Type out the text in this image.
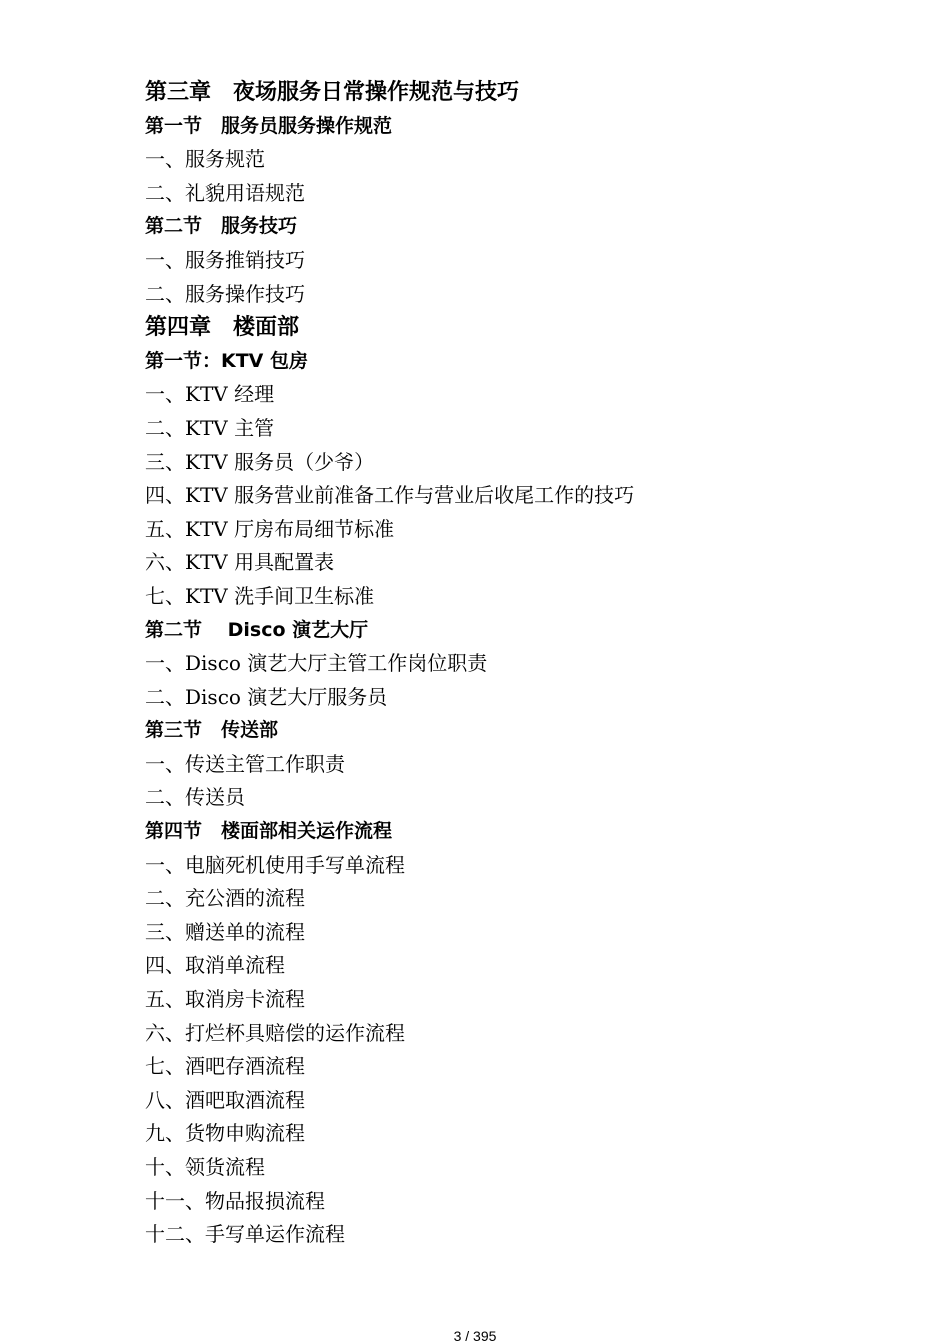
第三章　夜场服务日常操作规范与技巧
第一节　服务员服务操作规范
一、服务规范
二、礼貌用语规范
第二节　服务技巧
一、服务推销技巧
二、服务操作技巧
第四章　楼面部
第一节：KTV 包房
一、KTV 经理
二、KTV 主管
三、KTV 服务员（少爷）
四、KTV 服务营业前准备工作与营业后收尾工作的技巧
五、KTV 厅房布局细节标准
六、KTV 用具配置表
七、KTV 洗手间卫生标准
第二节　 Disco 演艺大厅
一、Disco 演艺大厅主管工作岗位职责
二、Disco 演艺大厅服务员
第三节　传送部
一、传送主管工作职责
二、传送员
第四节　楼面部相关运作流程
一、电脑死机使用手写单流程
二、充公酒的流程
三、赠送单的流程
四、取消单流程
五、取消房卡流程
六、打烂杯具赔偿的运作流程
七、酒吧存酒流程
八、酒吧取酒流程
九、货物申购流程
十、领货流程
十一、物品报损流程
十二、手写单运作流程
3 / 395
